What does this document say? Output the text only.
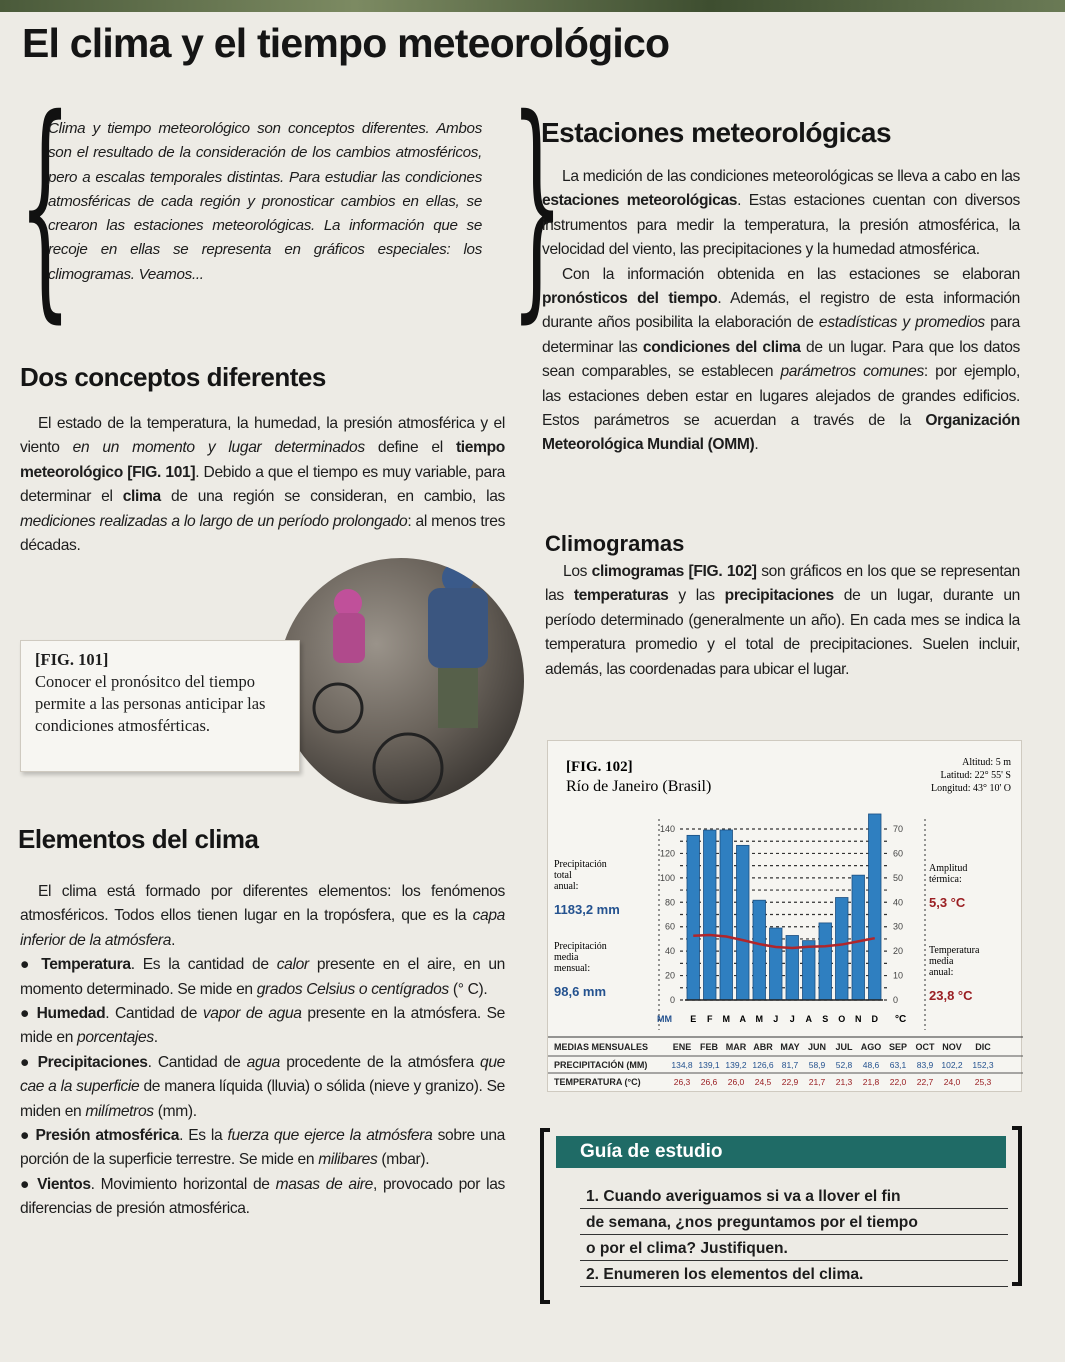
El clima y el tiempo meteorológico
{ }
Clima y tiempo meteorológico son conceptos diferentes. Ambos son el resultado de la consideración de los cambios atmosféricos, pero a escalas temporales distintas. Para estudiar las condiciones atmosféricas de cada región y pronosticar cambios en ellas, se crearon las estaciones meteorológicas. La información que se recoje en ellas se representa en gráficos especiales: los climogramas. Veamos...
Dos conceptos diferentes
El estado de la temperatura, la humedad, la presión atmosférica y el viento en un momento y lugar determinados define el tiempo meteorológico [FIG. 101]. Debido a que el tiempo es muy variable, para determinar el clima de una región se consideran, en cambio, las mediciones realizadas a lo largo de un período prolongado: al menos tres décadas.
[FIG. 101]
Conocer el pronósitco del tiempo permite a las personas anticipar las condiciones atmosférticas.
Elementos del clima
El clima está formado por diferentes elementos: los fenómenos atmosféricos. Todos ellos tienen lugar en la tropósfera, que es la capa inferior de la atmósfera.
● Temperatura. Es la cantidad de calor presente en el aire, en un momento determinado. Se mide en grados Celsius o centígrados (° C).
● Humedad. Cantidad de vapor de agua presente en la atmósfera. Se mide en porcentajes.
● Precipitaciones. Cantidad de agua procedente de la atmósfera que cae a la superficie de manera líquida (lluvia) o sólida (nieve y granizo). Se miden en milímetros (mm).
● Presión atmosférica. Es la fuerza que ejerce la atmósfera sobre una porción de la superficie terrestre. Se mide en milibares (mbar).
● Vientos. Movimiento horizontal de masas de aire, provocado por las diferencias de presión atmosférica.
Estaciones meteorológicas
La medición de las condiciones meteorológicas se lleva a cabo en las estaciones meteorológicas. Estas estaciones cuentan con diversos instrumentos para medir la temperatura, la presión atmosférica, la velocidad del viento, las precipitaciones y la humedad atmosférica.
Con la información obtenida en las estaciones se elaboran pronósticos del tiempo. Además, el registro de esta información durante años posibilita la elaboración de estadísticas y promedios para determinar las condiciones del clima de un lugar. Para que los datos sean comparables, se establecen parámetros comunes: por ejemplo, las estaciones deben estar en lugares alejados de grandes edificios. Estos parámetros se acuerdan a través de la Organización Meteorológica Mundial (OMM).
Climogramas
Los climogramas [FIG. 102] son gráficos en los que se representan las temperaturas y las precipitaciones de un lugar, durante un período determinado (generalmente un año). En cada mes se indica la temperatura promedio y el total de precipitaciones. Suelen incluir, además, las coordenadas para ubicar el lugar.
[FIG. 102]
Río de Janeiro (Brasil)
Altitud: 5 m
Latitud: 22° 55' S
Longitud: 43° 10' O
Precipitación
total
anual:
1183,2 mm
Precipitación
media
mensual:
98,6 mm
Amplitud
térmica:
5,3 °C
Temperatura
media
anual:
23,8 °C
0
20
40
60
80
100
120
140
0
10
20
30
40
50
60
70
E F M A M J J A S O N D
MM	°C
MEDIAS MENSUALES	ENE FEB MAR ABR MAY JUN JUL AGO SEP OCT NOV DIC
PRECIPITACIÓN (MM)	134,8 139,1 139,2 126,6 81,7 58,9 52,8 48,6 63,1 83,9 102,2 152,3
TEMPERATURA (°C)	26,3 26,6 26,0 24,5 22,9 21,7 21,3 21,8 22,0 22,7 24,0 25,3
Guía de estudio
1. Cuando averiguamos si va a llover el fin
de semana, ¿nos preguntamos por el tiempo
o por el clima? Justifiquen.
2. Enumeren los elementos del clima.
